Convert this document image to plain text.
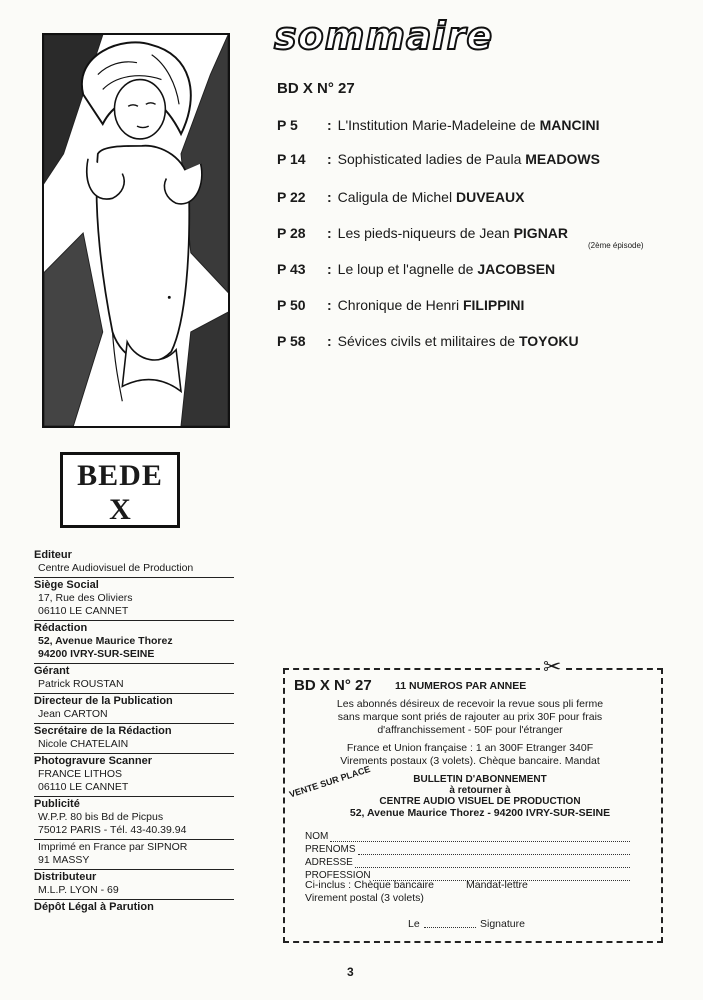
BEDE
X
Editeur
Centre Audiovisuel de Production
Siège Social
17, Rue des Oliviers
06110 LE CANNET
Rédaction
52, Avenue Maurice Thorez
94200 IVRY-SUR-SEINE
Gérant
Patrick ROUSTAN
Directeur de la Publication
Jean CARTON
Secrétaire de la Rédaction
Nicole CHATELAIN
Photogravure Scanner
FRANCE LITHOS
06110 LE CANNET
Publicité
W.P.P. 80 bis Bd de Picpus
75012 PARIS - Tél. 43-40.39.94
Imprimé en France par SIPNOR
91 MASSY
Distributeur
M.L.P. LYON - 69
Dépôt Légal à Parution
sommaire
BD X N° 27
(2ème épisode)
P 5 : L'Institution Marie-Madeleine de MANCINI
P 14 : Sophisticated ladies de Paula MEADOWS
P 22 : Caligula de Michel DUVEAUX
P 28 : Les pieds-niqueurs de Jean PIGNAR
P 43 : Le loup et l'agnelle de JACOBSEN
P 50 : Chronique de Henri FILIPPINI
P 58 : Sévices civils et militaires de TOYOKU
✂
BD X N° 27 11 NUMEROS PAR ANNEE
Les abonnés désireux de recevoir la revue sous pli ferme
sans marque sont priés de rajouter au prix 30F pour frais
d'affranchissement - 50F pour l'étranger
France et Union française : 1 an 300F Etranger 340F
Virements postaux (3 volets). Chèque bancaire. Mandat
BULLETIN D'ABONNEMENT
à retourner à
CENTRE AUDIO VISUEL DE PRODUCTION
VENTE SUR PLACE
52, Avenue Maurice Thorez - 94200 IVRY-SUR-SEINE
NOM
PRENOMS
ADRESSE
PROFESSION
Ci-inclus : Chèque bancaire	Mandat-lettre
Virement postal (3 volets)
Le	Signature
3
